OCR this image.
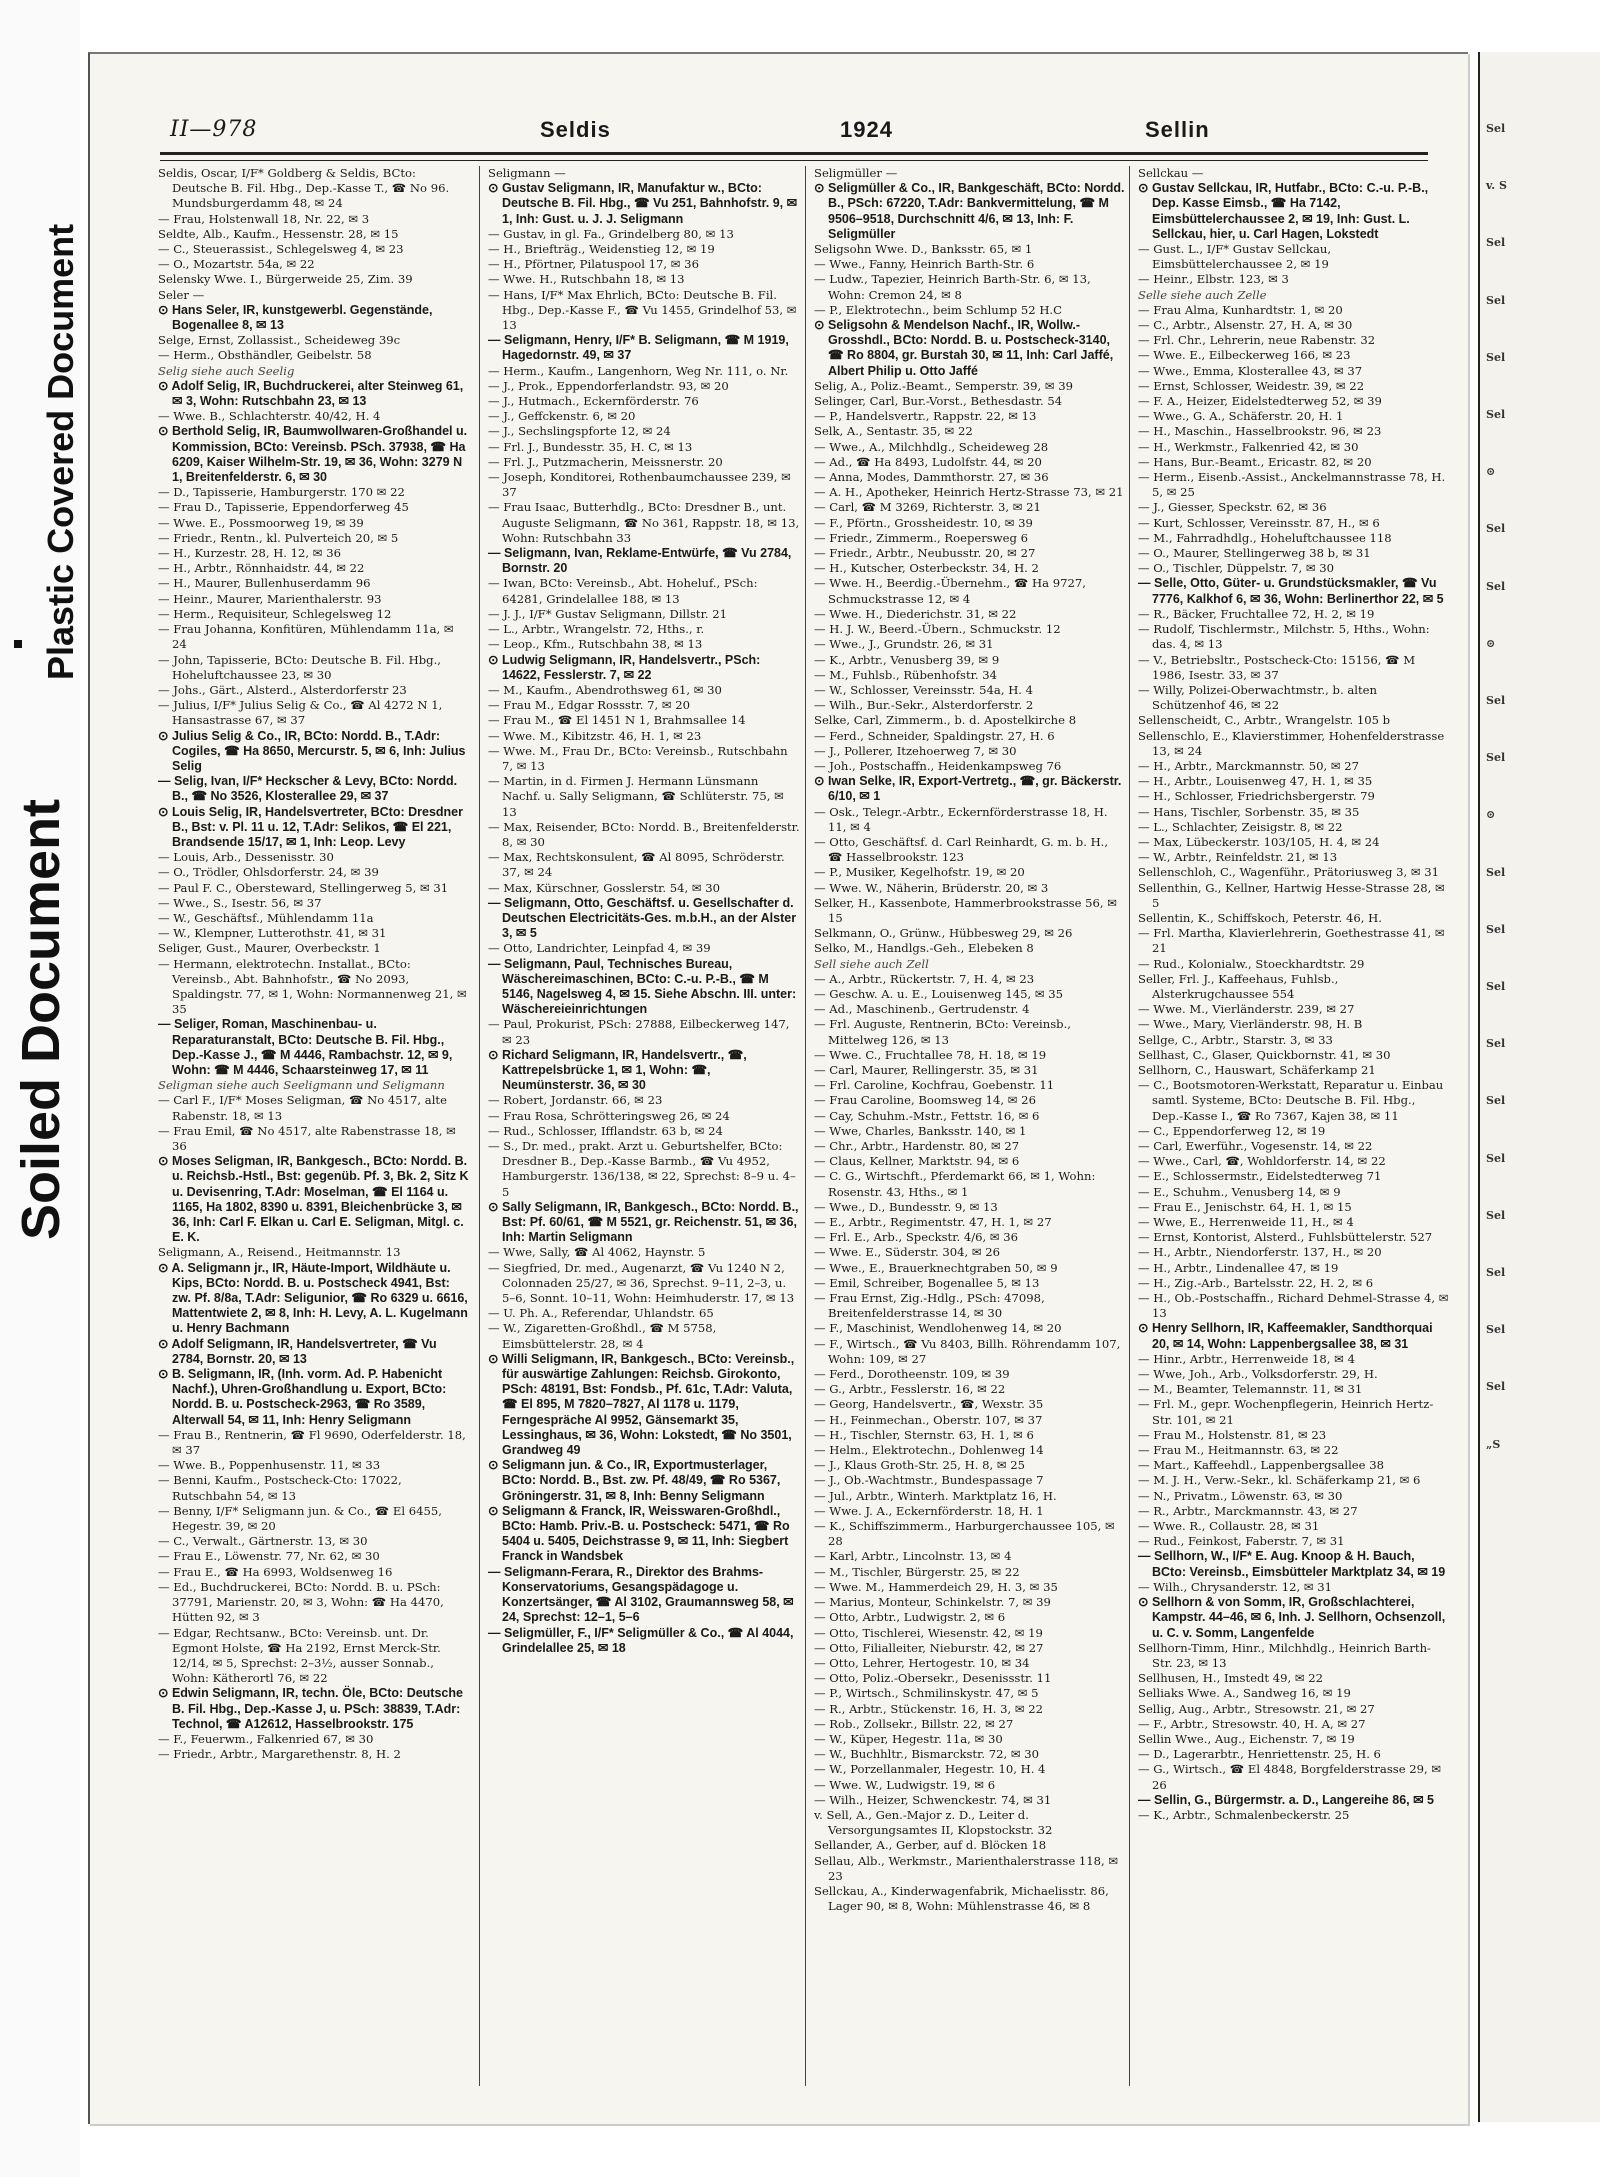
Soiled Document
Plastic Covered Document
II—978	Seldis	1924	Sellin

Seldis, Oscar, I/F* Goldberg & Seldis, BCto: Deutsche B. Fil. Hbg., Dep.-Kasse T., ☎ No 96. Mundsburgerdamm 48, ✉ 24

— Frau, Holstenwall 18, Nr. 22, ✉ 3

Seldte, Alb., Kaufm., Hessenstr. 28, ✉ 15

— C., Steuerassist., Schlegelsweg 4, ✉ 23

— O., Mozartstr. 54a, ✉ 22

Selensky Wwe. I., Bürgerweide 25, Zim. 39

Seler —

⊙ Hans Seler, IR, kunstgewerbl. Gegenstände, Bogenallee 8, ✉ 13

Selge, Ernst, Zollassist., Scheideweg 39c

— Herm., Obsthändler, Geibelstr. 58

Selig siehe auch Seelig

⊙ Adolf Selig, IR, Buchdruckerei, alter Steinweg 61, ✉ 3, Wohn: Rutschbahn 23, ✉ 13

— Wwe. B., Schlachterstr. 40/42, H. 4

⊙ Berthold Selig, IR, Baumwollwaren-Großhandel u. Kommission, BCto: Vereinsb. PSch. 37938, ☎ Ha 6209, Kaiser Wilhelm-Str. 19, ✉ 36, Wohn: 3279 N 1, Breitenfelderstr. 6, ✉ 30

— D., Tapisserie, Hamburgerstr. 170 ✉ 22

— Frau D., Tapisserie, Eppendorferweg 45

— Wwe. E., Possmoorweg 19, ✉ 39

— Friedr., Rentn., kl. Pulverteich 20, ✉ 5

— H., Kurzestr. 28, H. 12, ✉ 36

— H., Arbtr., Rönnhaidstr. 44, ✉ 22

— H., Maurer, Bullenhuserdamm 96

— Heinr., Maurer, Marienthalerstr. 93

— Herm., Requisiteur, Schlegelsweg 12

— Frau Johanna, Konfitüren, Mühlendamm 11a, ✉ 24

— John, Tapisserie, BCto: Deutsche B. Fil. Hbg., Hoheluftchaussee 23, ✉ 30

— Johs., Gärt., Alsterd., Alsterdorferstr 23

— Julius, I/F* Julius Selig & Co., ☎ Al 4272 N 1, Hansastrasse 67, ✉ 37

⊙ Julius Selig & Co., IR, BCto: Nordd. B., T.Adr: Cogiles, ☎ Ha 8650, Mercurstr. 5, ✉ 6, Inh: Julius Selig

— Selig, Ivan, I/F* Heckscher & Levy, BCto: Nordd. B., ☎ No 3526, Klosterallee 29, ✉ 37

⊙ Louis Selig, IR, Handelsvertreter, BCto: Dresdner B., Bst: v. Pl. 11 u. 12, T.Adr: Selikos, ☎ El 221, Brandsende 15/17, ✉ 1, Inh: Leop. Levy

— Louis, Arb., Dessenisstr. 30

— O., Trödler, Ohlsdorferstr. 24, ✉ 39

— Paul F. C., Obersteward, Stellingerweg 5, ✉ 31

— Wwe., S., Isestr. 56, ✉ 37

— W., Geschäftsf., Mühlendamm 11a

— W., Klempner, Lutterothstr. 41, ✉ 31

Seliger, Gust., Maurer, Overbeckstr. 1

— Hermann, elektrotechn. Installat., BCto: Vereinsb., Abt. Bahnhofstr., ☎ No 2093, Spaldingstr. 77, ✉ 1, Wohn: Normannenweg 21, ✉ 35

— Seliger, Roman, Maschinenbau- u. Reparaturanstalt, BCto: Deutsche B. Fil. Hbg., Dep.-Kasse J., ☎ M 4446, Rambachstr. 12, ✉ 9, Wohn: ☎ M 4446, Schaarsteinweg 17, ✉ 11

Seligman siehe auch Seeligmann und Seligmann

— Carl F., I/F* Moses Seligman, ☎ No 4517, alte Rabenstr. 18, ✉ 13

— Frau Emil, ☎ No 4517, alte Rabenstrasse 18, ✉ 36

⊙ Moses Seligman, IR, Bankgesch., BCto: Nordd. B. u. Reichsb.-Hstl., Bst: gegenüb. Pf. 3, Bk. 2, Sitz K u. Devisenring, T.Adr: Moselman, ☎ El 1164 u. 1165, Ha 1802, 8390 u. 8391, Bleichenbrücke 3, ✉ 36, Inh: Carl F. Elkan u. Carl E. Seligman, Mitgl. c. E. K.

Seligmann, A., Reisend., Heitmannstr. 13

⊙ A. Seligmann jr., IR, Häute-Import, Wildhäute u. Kips, BCto: Nordd. B. u. Postscheck 4941, Bst: zw. Pf. 8/8a, T.Adr: Seligunior, ☎ Ro 6329 u. 6616, Mattentwiete 2, ✉ 8, Inh: H. Levy, A. L. Kugelmann u. Henry Bachmann

⊙ Adolf Seligmann, IR, Handelsvertreter, ☎ Vu 2784, Bornstr. 20, ✉ 13

⊙ B. Seligmann, IR, (Inh. vorm. Ad. P. Habenicht Nachf.), Uhren-Großhandlung u. Export, BCto: Nordd. B. u. Postscheck-2963, ☎ Ro 3589, Alterwall 54, ✉ 11, Inh: Henry Seligmann

— Frau B., Rentnerin, ☎ Fl 9690, Oderfelderstr. 18, ✉ 37

— Wwe. B., Poppenhusenstr. 11, ✉ 33

— Benni, Kaufm., Postscheck-Cto: 17022, Rutschbahn 54, ✉ 13

— Benny, I/F* Seligmann jun. & Co., ☎ El 6455, Hegestr. 39, ✉ 20

— C., Verwalt., Gärtnerstr. 13, ✉ 30

— Frau E., Löwenstr. 77, Nr. 62, ✉ 30

— Frau E., ☎ Ha 6993, Woldsenweg 16

— Ed., Buchdruckerei, BCto: Nordd. B. u. PSch: 37791, Marienstr. 20, ✉ 3, Wohn: ☎ Ha 4470, Hütten 92, ✉ 3

— Edgar, Rechtsanw., BCto: Vereinsb. unt. Dr. Egmont Holste, ☎ Ha 2192, Ernst Merck-Str. 12/14, ✉ 5, Sprechst: 2–3½, ausser Sonnab., Wohn: Kätherortl 76, ✉ 22

⊙ Edwin Seligmann, IR, techn. Öle, BCto: Deutsche B. Fil. Hbg., Dep.-Kasse J, u. PSch: 38839, T.Adr: Technol, ☎ A12612, Hasselbrookstr. 175

— F., Feuerwm., Falkenried 67, ✉ 30

— Friedr., Arbtr., Margarethenstr. 8, H. 2

Seligmann —

⊙ Gustav Seligmann, IR, Manufaktur w., BCto: Deutsche B. Fil. Hbg., ☎ Vu 251, Bahnhofstr. 9, ✉ 1, Inh: Gust. u. J. J. Seligmann

— Gustav, in gl. Fa., Grindelberg 80, ✉ 13

— H., Briefträg., Weidenstieg 12, ✉ 19

— H., Pförtner, Pilatuspool 17, ✉ 36

— Wwe. H., Rutschbahn 18, ✉ 13

— Hans, I/F* Max Ehrlich, BCto: Deutsche B. Fil. Hbg., Dep.-Kasse F., ☎ Vu 1455, Grindelhof 53, ✉ 13

— Seligmann, Henry, I/F* B. Seligmann, ☎ M 1919, Hagedornstr. 49, ✉ 37

— Herm., Kaufm., Langenhorn, Weg Nr. 111, o. Nr.

— J., Prok., Eppendorferlandstr. 93, ✉ 20

— J., Hutmach., Eckernförderstr. 76

— J., Geffckenstr. 6, ✉ 20

— J., Sechslingspforte 12, ✉ 24

— Frl. J., Bundesstr. 35, H. C, ✉ 13

— Frl. J., Putzmacherin, Meissnerstr. 20

— Joseph, Konditorei, Rothenbaumchaussee 239, ✉ 37

— Frau Isaac, Butterhdlg., BCto: Dresdner B., unt. Auguste Seligmann, ☎ No 361, Rappstr. 18, ✉ 13, Wohn: Rutschbahn 33

— Seligmann, Ivan, Reklame-Entwürfe, ☎ Vu 2784, Bornstr. 20

— Iwan, BCto: Vereinsb., Abt. Hoheluf., PSch: 64281, Grindelallee 188, ✉ 13

— J. J., I/F* Gustav Seligmann, Dillstr. 21

— L., Arbtr., Wrangelstr. 72, Hths., r.

— Leop., Kfm., Rutschbahn 38, ✉ 13

⊙ Ludwig Seligmann, IR, Handelsvertr., PSch: 14622, Fesslerstr. 7, ✉ 22

— M., Kaufm., Abendrothsweg 61, ✉ 30

— Frau M., Edgar Rossstr. 7, ✉ 20

— Frau M., ☎ El 1451 N 1, Brahmsallee 14

— Wwe. M., Kibitzstr. 46, H. 1, ✉ 23

— Wwe. M., Frau Dr., BCto: Vereinsb., Rutschbahn 7, ✉ 13

— Martin, in d. Firmen J. Hermann Lünsmann Nachf. u. Sally Seligmann, ☎ Schlüterstr. 75, ✉ 13

— Max, Reisender, BCto: Nordd. B., Breitenfelderstr. 8, ✉ 30

— Max, Rechtskonsulent, ☎ Al 8095, Schröderstr. 37, ✉ 24

— Max, Kürschner, Gosslerstr. 54, ✉ 30

— Seligmann, Otto, Geschäftsf. u. Gesellschafter d. Deutschen Electricitäts-Ges. m.b.H., an der Alster 3, ✉ 5

— Otto, Landrichter, Leinpfad 4, ✉ 39

— Seligmann, Paul, Technisches Bureau, Wäschereimaschinen, BCto: C.-u. P.-B., ☎ M 5146, Nagelsweg 4, ✉ 15. Siehe Abschn. III. unter: Wäschereieinrichtungen

— Paul, Prokurist, PSch: 27888, Eilbeckerweg 147, ✉ 23

⊙ Richard Seligmann, IR, Handelsvertr., ☎, Kattrepelsbrücke 1, ✉ 1, Wohn: ☎, Neumünsterstr. 36, ✉ 30

— Robert, Jordanstr. 66, ✉ 23

— Frau Rosa, Schrötteringsweg 26, ✉ 24

— Rud., Schlosser, Ifflandstr. 63 b, ✉ 24

— S., Dr. med., prakt. Arzt u. Geburtshelfer, BCto: Dresdner B., Dep.-Kasse Barmb., ☎ Vu 4952, Hamburgerstr. 136/138, ✉ 22, Sprechst: 8–9 u. 4–5

⊙ Sally Seligmann, IR, Bankgesch., BCto: Nordd. B., Bst: Pf. 60/61, ☎ M 5521, gr. Reichenstr. 51, ✉ 36, Inh: Martin Seligmann

— Wwe, Sally, ☎ Al 4062, Haynstr. 5

— Siegfried, Dr. med., Augenarzt, ☎ Vu 1240 N 2, Colonnaden 25/27, ✉ 36, Sprechst. 9–11, 2–3, u. 5–6, Sonnt. 10–11, Wohn: Heimhuderstr. 17, ✉ 13

— U. Ph. A., Referendar, Uhlandstr. 65

— W., Zigaretten-Großhdl., ☎ M 5758, Eimsbüttelerstr. 28, ✉ 4

⊙ Willi Seligmann, IR, Bankgesch., BCto: Vereinsb., für auswärtige Zahlungen: Reichsb. Girokonto, PSch: 48191, Bst: Fondsb., Pf. 61c, T.Adr: Valuta, ☎ El 895, M 7820–7827, Al 1178 u. 1179, Ferngespräche Al 9952, Gänsemarkt 35, Lessinghaus, ✉ 36, Wohn: Lokstedt, ☎ No 3501, Grandweg 49

⊙ Seligmann jun. & Co., IR, Exportmusterlager, BCto: Nordd. B., Bst. zw. Pf. 48/49, ☎ Ro 5367, Gröningerstr. 31, ✉ 8, Inh: Benny Seligmann

⊙ Seligmann & Franck, IR, Weisswaren-Großhdl., BCto: Hamb. Priv.-B. u. Postscheck: 5471, ☎ Ro 5404 u. 5405, Deichstrasse 9, ✉ 11, Inh: Siegbert Franck in Wandsbek

— Seligmann-Ferara, R., Direktor des Brahms-Konservatoriums, Gesangspädagoge u. Konzertsänger, ☎ Al 3102, Graumannsweg 58, ✉ 24, Sprechst: 12–1, 5–6

— Seligmüller, F., I/F* Seligmüller & Co., ☎ Al 4044, Grindelallee 25, ✉ 18

Seligmüller —

⊙ Seligmüller & Co., IR, Bankgeschäft, BCto: Nordd. B., PSch: 67220, T.Adr: Bankvermittelung, ☎ M 9506–9518, Durchschnitt 4/6, ✉ 13, Inh: F. Seligmüller

Seligsohn Wwe. D., Banksstr. 65, ✉ 1

— Wwe., Fanny, Heinrich Barth-Str. 6

— Ludw., Tapezier, Heinrich Barth-Str. 6, ✉ 13, Wohn: Cremon 24, ✉ 8

— P., Elektrotechn., beim Schlump 52 H.C

⊙ Seligsohn & Mendelson Nachf., IR, Wollw.-Grosshdl., BCto: Nordd. B. u. Postscheck-3140, ☎ Ro 8804, gr. Burstah 30, ✉ 11, Inh: Carl Jaffé, Albert Philip u. Otto Jaffé

Selig, A., Poliz.-Beamt., Semperstr. 39, ✉ 39

Selinger, Carl, Bur.-Vorst., Bethesdastr. 54

— P., Handelsvertr., Rappstr. 22, ✉ 13

Selk, A., Sentastr. 35, ✉ 22

— Wwe., A., Milchhdlg., Scheideweg 28

— Ad., ☎ Ha 8493, Ludolfstr. 44, ✉ 20

— Anna, Modes, Dammthorstr. 27, ✉ 36

— A. H., Apotheker, Heinrich Hertz-Strasse 73, ✉ 21

— Carl, ☎ M 3269, Richterstr. 3, ✉ 21

— F., Pförtn., Grossheidestr. 10, ✉ 39

— Friedr., Zimmerm., Roepersweg 6

— Friedr., Arbtr., Neubusstr. 20, ✉ 27

— H., Kutscher, Osterbeckstr. 34, H. 2

— Wwe. H., Beerdig.-Übernehm., ☎ Ha 9727, Schmuckstrasse 12, ✉ 4

— Wwe. H., Diederichstr. 31, ✉ 22

— H. J. W., Beerd.-Übern., Schmuckstr. 12

— Wwe., J., Grundstr. 26, ✉ 31

— K., Arbtr., Venusberg 39, ✉ 9

— M., Fuhlsb., Rübenhofstr. 34

— W., Schlosser, Vereinsstr. 54a, H. 4

— Wilh., Bur.-Sekr., Alsterdorferstr. 2

Selke, Carl, Zimmerm., b. d. Apostelkirche 8

— Ferd., Schneider, Spaldingstr. 27, H. 6

— J., Pollerer, Itzehoerweg 7, ✉ 30

— Joh., Postschaffn., Heidenkampsweg 76

⊙ Iwan Selke, IR, Export-Vertretg., ☎, gr. Bäckerstr. 6/10, ✉ 1

— Osk., Telegr.-Arbtr., Eckernförderstrasse 18, H. 11, ✉ 4

— Otto, Geschäftsf. d. Carl Reinhardt, G. m. b. H., ☎ Hasselbrookstr. 123

— P., Musiker, Kegelhofstr. 19, ✉ 20

— Wwe. W., Näherin, Brüderstr. 20, ✉ 3

Selker, H., Kassenbote, Hammerbrookstrasse 56, ✉ 15

Selkmann, O., Grünw., Hübbesweg 29, ✉ 26

Selko, M., Handlgs.-Geh., Elebeken 8

Sell siehe auch Zell

— A., Arbtr., Rückertstr. 7, H. 4, ✉ 23

— Geschw. A. u. E., Louisenweg 145, ✉ 35

— Ad., Maschinenb., Gertrudenstr. 4

— Frl. Auguste, Rentnerin, BCto: Vereinsb., Mittelweg 126, ✉ 13

— Wwe. C., Fruchtallee 78, H. 18, ✉ 19

— Carl, Maurer, Rellingerstr. 35, ✉ 31

— Frl. Caroline, Kochfrau, Goebenstr. 11

— Frau Caroline, Boomsweg 14, ✉ 26

— Cay, Schuhm.-Mstr., Fettstr. 16, ✉ 6

— Wwe, Charles, Banksstr. 140, ✉ 1

— Chr., Arbtr., Hardenstr. 80, ✉ 27

— Claus, Kellner, Marktstr. 94, ✉ 6

— C. G., Wirtschft., Pferdemarkt 66, ✉ 1, Wohn: Rosenstr. 43, Hths., ✉ 1

— Wwe., D., Bundesstr. 9, ✉ 13

— E., Arbtr., Regimentstr. 47, H. 1, ✉ 27

— Frl. E., Arb., Speckstr. 4/6, ✉ 36

— Wwe. E., Süderstr. 304, ✉ 26

— Wwe., E., Brauerknechtgraben 50, ✉ 9

— Emil, Schreiber, Bogenallee 5, ✉ 13

— Frau Ernst, Zig.-Hdlg., PSch: 47098, Breitenfelderstrasse 14, ✉ 30

— F., Maschinist, Wendlohenweg 14, ✉ 20

— F., Wirtsch., ☎ Vu 8403, Billh. Röhrendamm 107, Wohn: 109, ✉ 27

— Ferd., Dorotheenstr. 109, ✉ 39

— G., Arbtr., Fesslerstr. 16, ✉ 22

— Georg, Handelsvertr., ☎, Wexstr. 35

— H., Feinmechan., Oberstr. 107, ✉ 37

— H., Tischler, Sternstr. 63, H. 1, ✉ 6

— Helm., Elektrotechn., Dohlenweg 14

— J., Klaus Groth-Str. 25, H. 8, ✉ 25

— J., Ob.-Wachtmstr., Bundespassage 7

— Jul., Arbtr., Winterh. Marktplatz 16, H.

— Wwe. J. A., Eckernförderstr. 18, H. 1

— K., Schiffszimmerm., Harburgerchaussee 105, ✉ 28

— Karl, Arbtr., Lincolnstr. 13, ✉ 4

— M., Tischler, Bürgerstr. 25, ✉ 22

— Wwe. M., Hammerdeich 29, H. 3, ✉ 35

— Marius, Monteur, Schinkelstr. 7, ✉ 39

— Otto, Arbtr., Ludwigstr. 2, ✉ 6

— Otto, Tischlerei, Wiesenstr. 42, ✉ 19

— Otto, Filialleiter, Nieburstr. 42, ✉ 27

— Otto, Lehrer, Hertogestr. 10, ✉ 34

— Otto, Poliz.-Obersekr., Desenissstr. 11

— P., Wirtsch., Schmilinskystr. 47, ✉ 5

— R., Arbtr., Stückenstr. 16, H. 3, ✉ 22

— Rob., Zollsekr., Billstr. 22, ✉ 27

— W., Küper, Hegestr. 11a, ✉ 30

— W., Buchhltr., Bismarckstr. 72, ✉ 30

— W., Porzellanmaler, Hegestr. 10, H. 4

— Wwe. W., Ludwigstr. 19, ✉ 6

— Wilh., Heizer, Schwenckestr. 74, ✉ 31

v. Sell, A., Gen.-Major z. D., Leiter d. Versorgungsamtes II, Klopstockstr. 32

Sellander, A., Gerber, auf d. Blöcken 18

Sellau, Alb., Werkmstr., Marienthalerstrasse 118, ✉ 23

Sellckau, A., Kinderwagenfabrik, Michaelisstr. 86, Lager 90, ✉ 8, Wohn: Mühlenstrasse 46, ✉ 8

Sellckau —

⊙ Gustav Sellckau, IR, Hutfabr., BCto: C.-u. P.-B., Dep. Kasse Eimsb., ☎ Ha 7142, Eimsbüttelerchaussee 2, ✉ 19, Inh: Gust. L. Sellckau, hier, u. Carl Hagen, Lokstedt

— Gust. L., I/F* Gustav Sellckau, Eimsbüttelerchaussee 2, ✉ 19

— Heinr., Elbstr. 123, ✉ 3

Selle siehe auch Zelle

— Frau Alma, Kunhardtstr. 1, ✉ 20

— C., Arbtr., Alsenstr. 27, H. A, ✉ 30

— Frl. Chr., Lehrerin, neue Rabenstr. 32

— Wwe. E., Eilbeckerweg 166, ✉ 23

— Wwe., Emma, Klosterallee 43, ✉ 37

— Ernst, Schlosser, Weidestr. 39, ✉ 22

— F. A., Heizer, Eidelstedterweg 52, ✉ 39

— Wwe., G. A., Schäferstr. 20, H. 1

— H., Maschin., Hasselbrookstr. 96, ✉ 23

— H., Werkmstr., Falkenried 42, ✉ 30

— Hans, Bur.-Beamt., Ericastr. 82, ✉ 20

— Herm., Eisenb.-Assist., Anckelmannstrasse 78, H. 5, ✉ 25

— J., Giesser, Speckstr. 62, ✉ 36

— Kurt, Schlosser, Vereinsstr. 87, H., ✉ 6

— M., Fahrradhdlg., Hoheluftchaussee 118

— O., Maurer, Stellingerweg 38 b, ✉ 31

— O., Tischler, Düppelstr. 7, ✉ 30

— Selle, Otto, Güter- u. Grundstücksmakler, ☎ Vu 7776, Kalkhof 6, ✉ 36, Wohn: Berlinerthor 22, ✉ 5

— R., Bäcker, Fruchtallee 72, H. 2, ✉ 19

— Rudolf, Tischlermstr., Milchstr. 5, Hths., Wohn: das. 4, ✉ 13

— V., Betriebsltr., Postscheck-Cto: 15156, ☎ M 1986, Isestr. 33, ✉ 37

— Willy, Polizei-Oberwachtmstr., b. alten Schützenhof 46, ✉ 22

Sellenscheidt, C., Arbtr., Wrangelstr. 105 b

Sellenschlo, E., Klavierstimmer, Hohenfelderstrasse 13, ✉ 24

— H., Arbtr., Marckmannstr. 50, ✉ 27

— H., Arbtr., Louisenweg 47, H. 1, ✉ 35

— H., Schlosser, Friedrichsbergerstr. 79

— Hans, Tischler, Sorbenstr. 35, ✉ 35

— L., Schlachter, Zeisigstr. 8, ✉ 22

— Max, Lübeckerstr. 103/105, H. 4, ✉ 24

— W., Arbtr., Reinfeldstr. 21, ✉ 13

Sellenschloh, C., Wagenführ., Prätoriusweg 3, ✉ 31

Sellenthin, G., Kellner, Hartwig Hesse-Strasse 28, ✉ 5

Sellentin, K., Schiffskoch, Peterstr. 46, H.

— Frl. Martha, Klavierlehrerin, Goethestrasse 41, ✉ 21

— Rud., Kolonialw., Stoeckhardtstr. 29

Seller, Frl. J., Kaffeehaus, Fuhlsb., Alsterkrugchaussee 554

— Wwe. M., Vierländerstr. 239, ✉ 27

— Wwe., Mary, Vierländerstr. 98, H. B

Sellge, C., Arbtr., Starstr. 3, ✉ 33

Sellhast, C., Glaser, Quickbornstr. 41, ✉ 30

Sellhorn, C., Hauswart, Schäferkamp 21

— C., Bootsmotoren-Werkstatt, Reparatur u. Einbau samtl. Systeme, BCto: Deutsche B. Fil. Hbg., Dep.-Kasse I., ☎ Ro 7367, Kajen 38, ✉ 11

— C., Eppendorferweg 12, ✉ 19

— Carl, Ewerführ., Vogesenstr. 14, ✉ 22

— Wwe., Carl, ☎, Wohldorferstr. 14, ✉ 22

— E., Schlossermstr., Eidelstedterweg 71

— E., Schuhm., Venusberg 14, ✉ 9

— Frau E., Jenischstr. 64, H. 1, ✉ 15

— Wwe, E., Herrenweide 11, H., ✉ 4

— Ernst, Kontorist, Alsterd., Fuhlsbüttelerstr. 527

— H., Arbtr., Niendorferstr. 137, H., ✉ 20

— H., Arbtr., Lindenallee 47, ✉ 19

— H., Zig.-Arb., Bartelsstr. 22, H. 2, ✉ 6

— H., Ob.-Postschaffn., Richard Dehmel-Strasse 4, ✉ 13

⊙ Henry Sellhorn, IR, Kaffeemakler, Sandthorquai 20, ✉ 14, Wohn: Lappenbergsallee 38, ✉ 31

— Hinr., Arbtr., Herrenweide 18, ✉ 4

— Wwe, Joh., Arb., Volksdorferstr. 29, H.

— M., Beamter, Telemannstr. 11, ✉ 31

— Frl. M., gepr. Wochenpflegerin, Heinrich Hertz-Str. 101, ✉ 21

— Frau M., Holstenstr. 81, ✉ 23

— Frau M., Heitmannstr. 63, ✉ 22

— Mart., Kaffeehdl., Lappenbergsallee 38

— M. J. H., Verw.-Sekr., kl. Schäferkamp 21, ✉ 6

— N., Privatm., Löwenstr. 63, ✉ 30

— R., Arbtr., Marckmannstr. 43, ✉ 27

— Wwe. R., Collaustr. 28, ✉ 31

— Rud., Feinkost, Faberstr. 7, ✉ 31

— Sellhorn, W., I/F* E. Aug. Knoop & H. Bauch, BCto: Vereinsb., Eimsbütteler Marktplatz 34, ✉ 19

— Wilh., Chrysanderstr. 12, ✉ 31

⊙ Sellhorn & von Somm, IR, Großschlachterei, Kampstr. 44–46, ✉ 6, Inh. J. Sellhorn, Ochsenzoll, u. C. v. Somm, Langenfelde

Sellhorn-Timm, Hinr., Milchhdlg., Heinrich Barth-Str. 23, ✉ 13

Sellhusen, H., Imstedt 49, ✉ 22

Selliaks Wwe. A., Sandweg 16, ✉ 19

Sellig, Aug., Arbtr., Stresowstr. 21, ✉ 27

— F., Arbtr., Stresowstr. 40, H. A, ✉ 27

Sellin Wwe., Aug., Eichenstr. 7, ✉ 19

— D., Lagerarbtr., Henriettenstr. 25, H. 6

— G., Wirtsch., ☎ El 4848, Borgfelderstrasse 29, ✉ 26

— Sellin, G., Bürgermstr. a. D., Langereihe 86, ✉ 5

— K., Arbtr., Schmalenbeckerstr. 25

Sel
v. S
Sel
Sel
Sel
Sel
⊙
Sel
Sel
⊙
Sel
Sel
⊙
Sel
Sel
Sel
Sel
Sel
Sel
Sel
Sel
Sel
Sel
„S
